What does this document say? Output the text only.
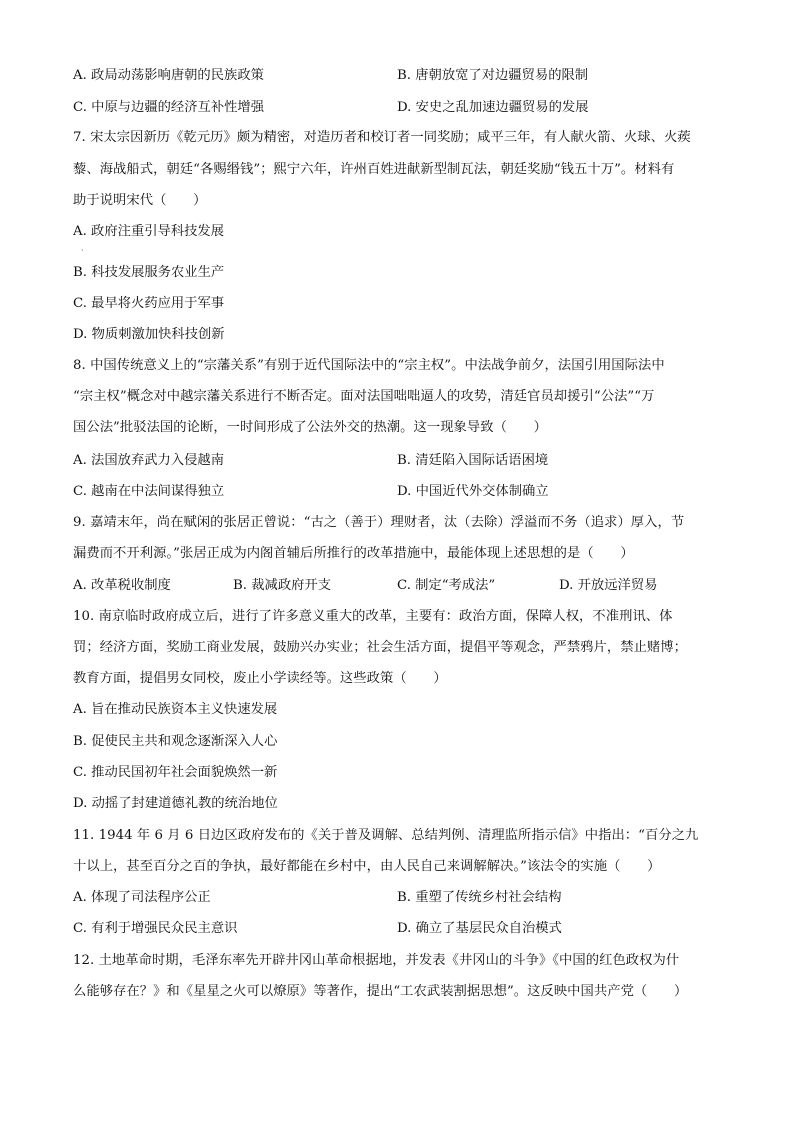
A. 政局动荡影响唐朝的民族政策	B. 唐朝放宽了对边疆贸易的限制
C. 中原与边疆的经济互补性增强	D. 安史之乱加速边疆贸易的发展
7. 宋太宗因新历《乾元历》颇为精密，对造历者和校订者一同奖励；咸平三年，有人献火箭、火球、火蒺
藜、海战船式，朝廷“各赐缗钱”；熙宁六年，许州百姓进献新型制瓦法，朝廷奖励“钱五十万”。材料有
助于说明宋代（　　）
A. 政府注重引导科技发展
·
B. 科技发展服务农业生产
C. 最早将火药应用于军事
D. 物质刺激加快科技创新
8. 中国传统意义上的“宗藩关系”有别于近代国际法中的“宗主权”。中法战争前夕，法国引用国际法中
“宗主权”概念对中越宗藩关系进行不断否定。面对法国咄咄逼人的攻势，清廷官员却援引“公法”“万
国公法”批驳法国的论断，一时间形成了公法外交的热潮。这一现象导致（　　）
A. 法国放弃武力入侵越南	B. 清廷陷入国际话语困境
C. 越南在中法间谋得独立	D. 中国近代外交体制确立
9. 嘉靖末年，尚在赋闲的张居正曾说：“古之（善于）理财者，汰（去除）浮溢而不务（追求）厚入，节
漏费而不开利源。”张居正成为内阁首辅后所推行的改革措施中，最能体现上述思想的是（　　）
A. 改革税收制度	B. 裁减政府开支	C. 制定“考成法”	D. 开放远洋贸易
10. 南京临时政府成立后，进行了许多意义重大的改革，主要有：政治方面，保障人权，不准刑讯、体
罚；经济方面，奖励工商业发展，鼓励兴办实业；社会生活方面，提倡平等观念，严禁鸦片，禁止赌博；
教育方面，提倡男女同校，废止小学读经等。这些政策（　　）
A. 旨在推动民族资本主义快速发展
B. 促使民主共和观念逐渐深入人心
C. 推动民国初年社会面貌焕然一新
D. 动摇了封建道德礼教的统治地位
11. 1944 年 6 月 6 日边区政府发布的《关于普及调解、总结判例、清理监所指示信》中指出：“百分之九
十以上，甚至百分之百的争执，最好都能在乡村中，由人民自己来调解解决。”该法令的实施（　　）
A. 体现了司法程序公正	B. 重塑了传统乡村社会结构
C. 有利于增强民众民主意识	D. 确立了基层民众自治模式
12. 土地革命时期，毛泽东率先开辟井冈山革命根据地，并发表《井冈山的斗争》《中国的红色政权为什
么能够存在？》和《星星之火可以燎原》等著作，提出“工农武装割据思想”。这反映中国共产党（　　）
